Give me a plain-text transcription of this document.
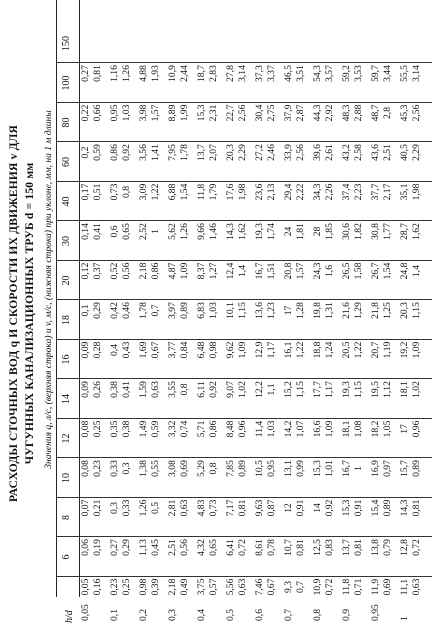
РАСХОДЫ СТОЧНЫХ ВОД q И СКОРОСТИ ИХ ДВИЖЕНИЯ v ДЛЯ ЧУГУННЫХ КАНАЛИЗАЦИОННЫХ ТРУБ d = 150 мм Значения q, л/с, (верхняя строка) и v, м/с, (нижняя строка) при уклоне, мм, на 1 м длины
h/d
6
8
10
12
14
16
18
20
30
40
60
80
100
150
0,05
0,05
0,06
0,07
0,08
0,08
0,09
0,09
0,1
0,12
0,14
0,17
0,2
0,22
0,27
0,16
0,19
0,21
0,23
0,25
0,26
0,28
0,29
0,37
0,41
0,51
0,59
0,66
0,81
0,1
0,23
0,27
0,3
0,33
0,35
0,38
0,4
0,42
0,52
0,6
0,73
0,86
0,95
1,16
0,25
0,29
0,33
0,3
0,38
0,41
0,43
0,46
0,56
0,65
0,8
0,92
1,03
1,26
0,2
0,98
1,13
1,26
1,38
1,49
1,59
1,69
1,78
2,18
2,52
3,09
3,56
3,98
4,88
0,39
0,45
0,5
0,55
0,59
0,63
0,67
0,7
0,86
1
1,22
1,41
1,57
1,93
0,3
2,18
2,51
2,81
3,08
3,32
3,55
3,77
3,97
4,87
5,62
6,88
7,95
8,89
10,9
0,49
0,56
0,63
0,69
0,74
0,8
0,84
0,89
1,09
1,26
1,54
1,78
1,99
2,44
0,4
3,75
4,32
4,83
5,29
5,71
6,11
6,48
6,83
8,37
9,66
11,8
13,7
15,3
18,7
0,57
0,65
0,73
0,8
0,86
0,92
0,98
1,03
1,27
1,46
1,79
2,07
2,31
2,83
0,5
5,56
6,41
7,17
7,85
8,48
9,07
9,62
10,1
12,4
14,3
17,6
20,3
22,7
27,8
0,63
0,72
0,81
0,89
0,96
1,02
1,09
1,15
1,4
1,62
1,98
2,29
2,56
3,14
0,6
7,46
8,61
9,63
10,5
11,4
12,2
12,9
13,6
16,7
19,3
23,6
27,2
30,4
37,3
0,67
0,78
0,87
0,95
1,03
1,1
1,17
1,23
1,51
1,74
2,13
2,46
2,75
3,37
0,7
9,3
10,7
12
13,1
14,2
15,2
16,1
17
20,8
24
29,4
33,9
37,9
46,5
0,7
0,81
0,91
0,99
1,07
1,15
1,22
1,28
1,57
1,81
2,22
2,56
2,87
3,51
0,8
10,9
12,5
14
15,3
16,6
17,7
18,8
19,8
24,3
28
34,3
39,6
44,3
54,3
0,72
0,83
0,92
1,01
1,09
1,17
1,24
1,31
1,6
1,85
2,26
2,61
2,92
3,57
0,9
11,8
13,7
15,3
16,7
18,1
19,3
20,5
21,6
26,5
30,6
37,4
43,2
48,3
59,2
0,71
0,81
0,91
1
1,08
1,15
1,22
1,29
1,58
1,82
2,23
2,58
2,88
3,53
0,95
11,9
13,8
15,4
16,9
18,2
19,5
20,7
21,8
26,7
30,8
37,7
43,6
48,7
59,7
0,69
0,79
0,89
0,97
1,05
1,12
1,19
1,25
1,54
1,77
2,17
2,51
2,8
3,44
1
11,1
12,8
14,3
15,7
17
18,1
19,2
20,3
24,8
28,7
35,1
40,5
45,3
55,5
0,63
0,72
0,81
0,89
0,96
1,02
1,09
1,15
1,4
1,62
1,98
2,29
2,56
3,14
